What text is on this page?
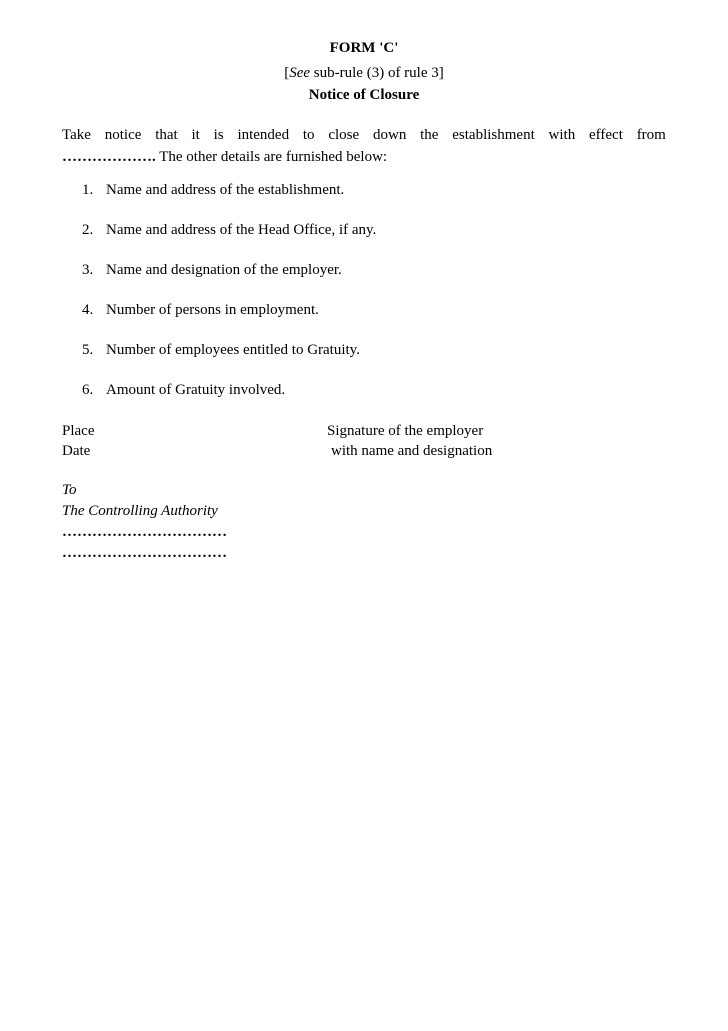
FORM 'C'
[See sub-rule (3) of rule 3]
Notice of Closure
Take notice that it is intended to close down the establishment with effect from
………………. The other details are furnished below:
1. Name and address of the establishment.
2. Name and address of the Head Office, if any.
3. Name and designation of the employer.
4. Number of persons in employment.
5. Number of employees entitled to Gratuity.
6. Amount of Gratuity involved.
Place
Date
Signature of the employer
with name and designation
To
The Controlling Authority
……………………………
……………………………
